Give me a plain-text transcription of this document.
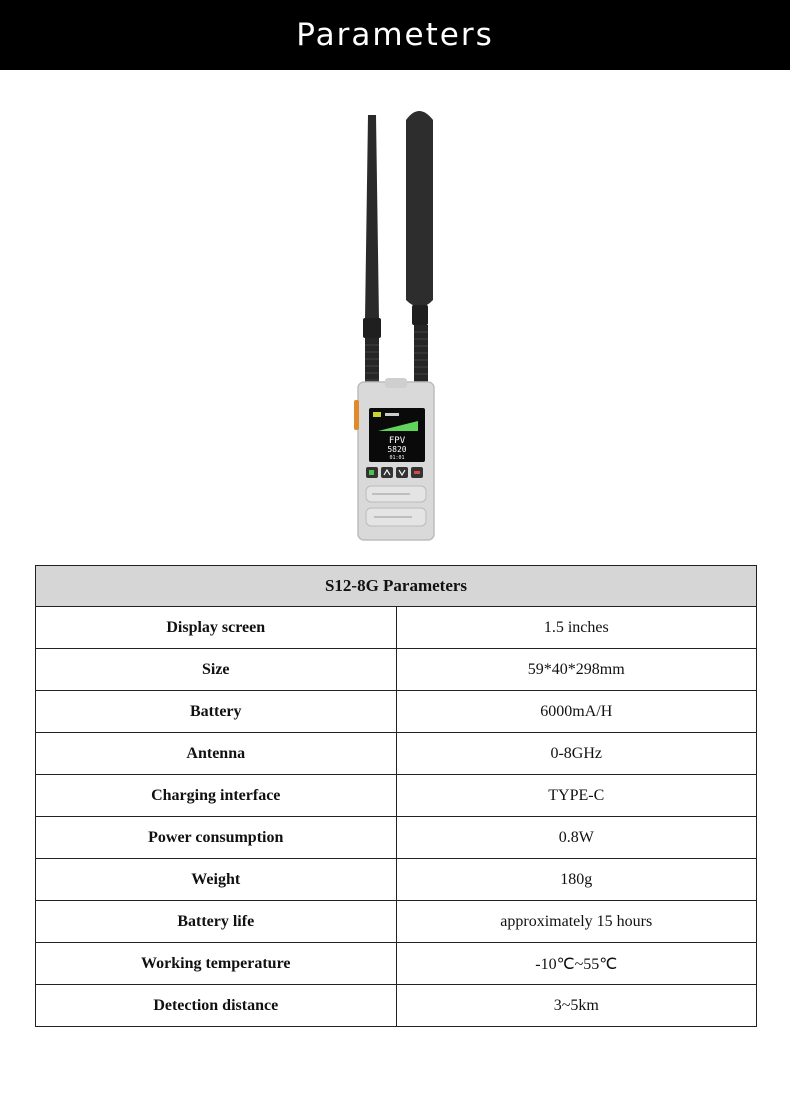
Parameters
FPV
5820
01:01
S12-8G Parameters	
Display screen	1.5 inches
Size	59*40*298mm
Battery	6000mA/H
Antenna	0-8GHz
Charging interface	TYPE-C
Power consumption	0.8W
Weight	180g
Battery life	approximately 15 hours
Working temperature	-10℃~55℃
Detection distance	3~5km
